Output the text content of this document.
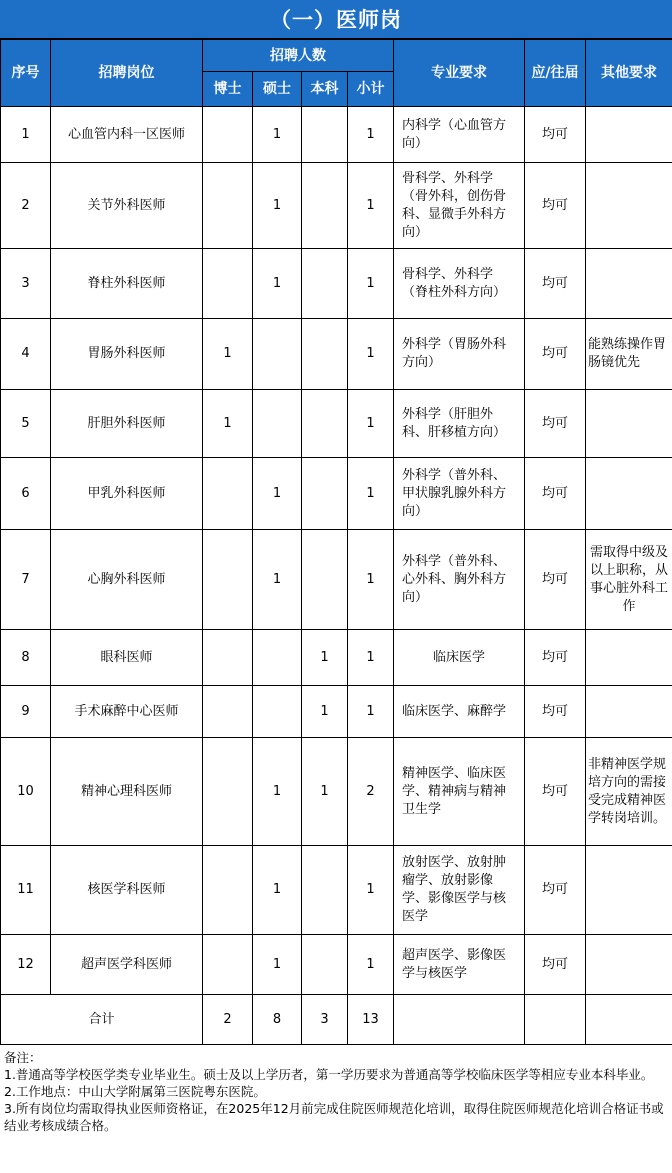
（一）医师岗
序号	招聘岗位	招聘人数				专业要求	应/往届	其他要求
		博士	硕士	本科	小计			
1	心血管内科一区医师		1		1	内科学（心血管方向）	均可	
2	关节外科医师		1		1	骨科学、外科学（骨外科，创伤骨科、显微手外科方向）	均可	
3	脊柱外科医师		1		1	骨科学、外科学（脊柱外科方向）	均可	
4	胃肠外科医师	1			1	外科学（胃肠外科方向）	均可	能熟练操作胃肠镜优先
5	肝胆外科医师	1			1	外科学（肝胆外科、肝移植方向）	均可	
6	甲乳外科医师		1		1	外科学（普外科、甲状腺乳腺外科方向）	均可	
7	心胸外科医师		1		1	外科学（普外科、心外科、胸外科方向）	均可	需取得中级及以上职称，从事心脏外科工作
8	眼科医师			1	1	临床医学	均可	
9	手术麻醉中心医师			1	1	临床医学、麻醉学	均可	
10	精神心理科医师		1	1	2	精神医学、临床医学、精神病与精神卫生学	均可	非精神医学规培方向的需接受完成精神医学转岗培训。
11	核医学科医师		1		1	放射医学、放射肿瘤学、放射影像学、影像医学与核医学	均可	
12	超声医学科医师		1		1	超声医学、影像医学与核医学	均可	
合计		2	8	3	13			
备注：
1.普通高等学校医学类专业毕业生。硕士及以上学历者，第一学历要求为普通高等学校临床医学等相应专业本科毕业。
2.工作地点：中山大学附属第三医院粤东医院。
3.所有岗位均需取得执业医师资格证，在2025年12月前完成住院医师规范化培训，取得住院医师规范化培训合格证书或结业考核成绩合格。
